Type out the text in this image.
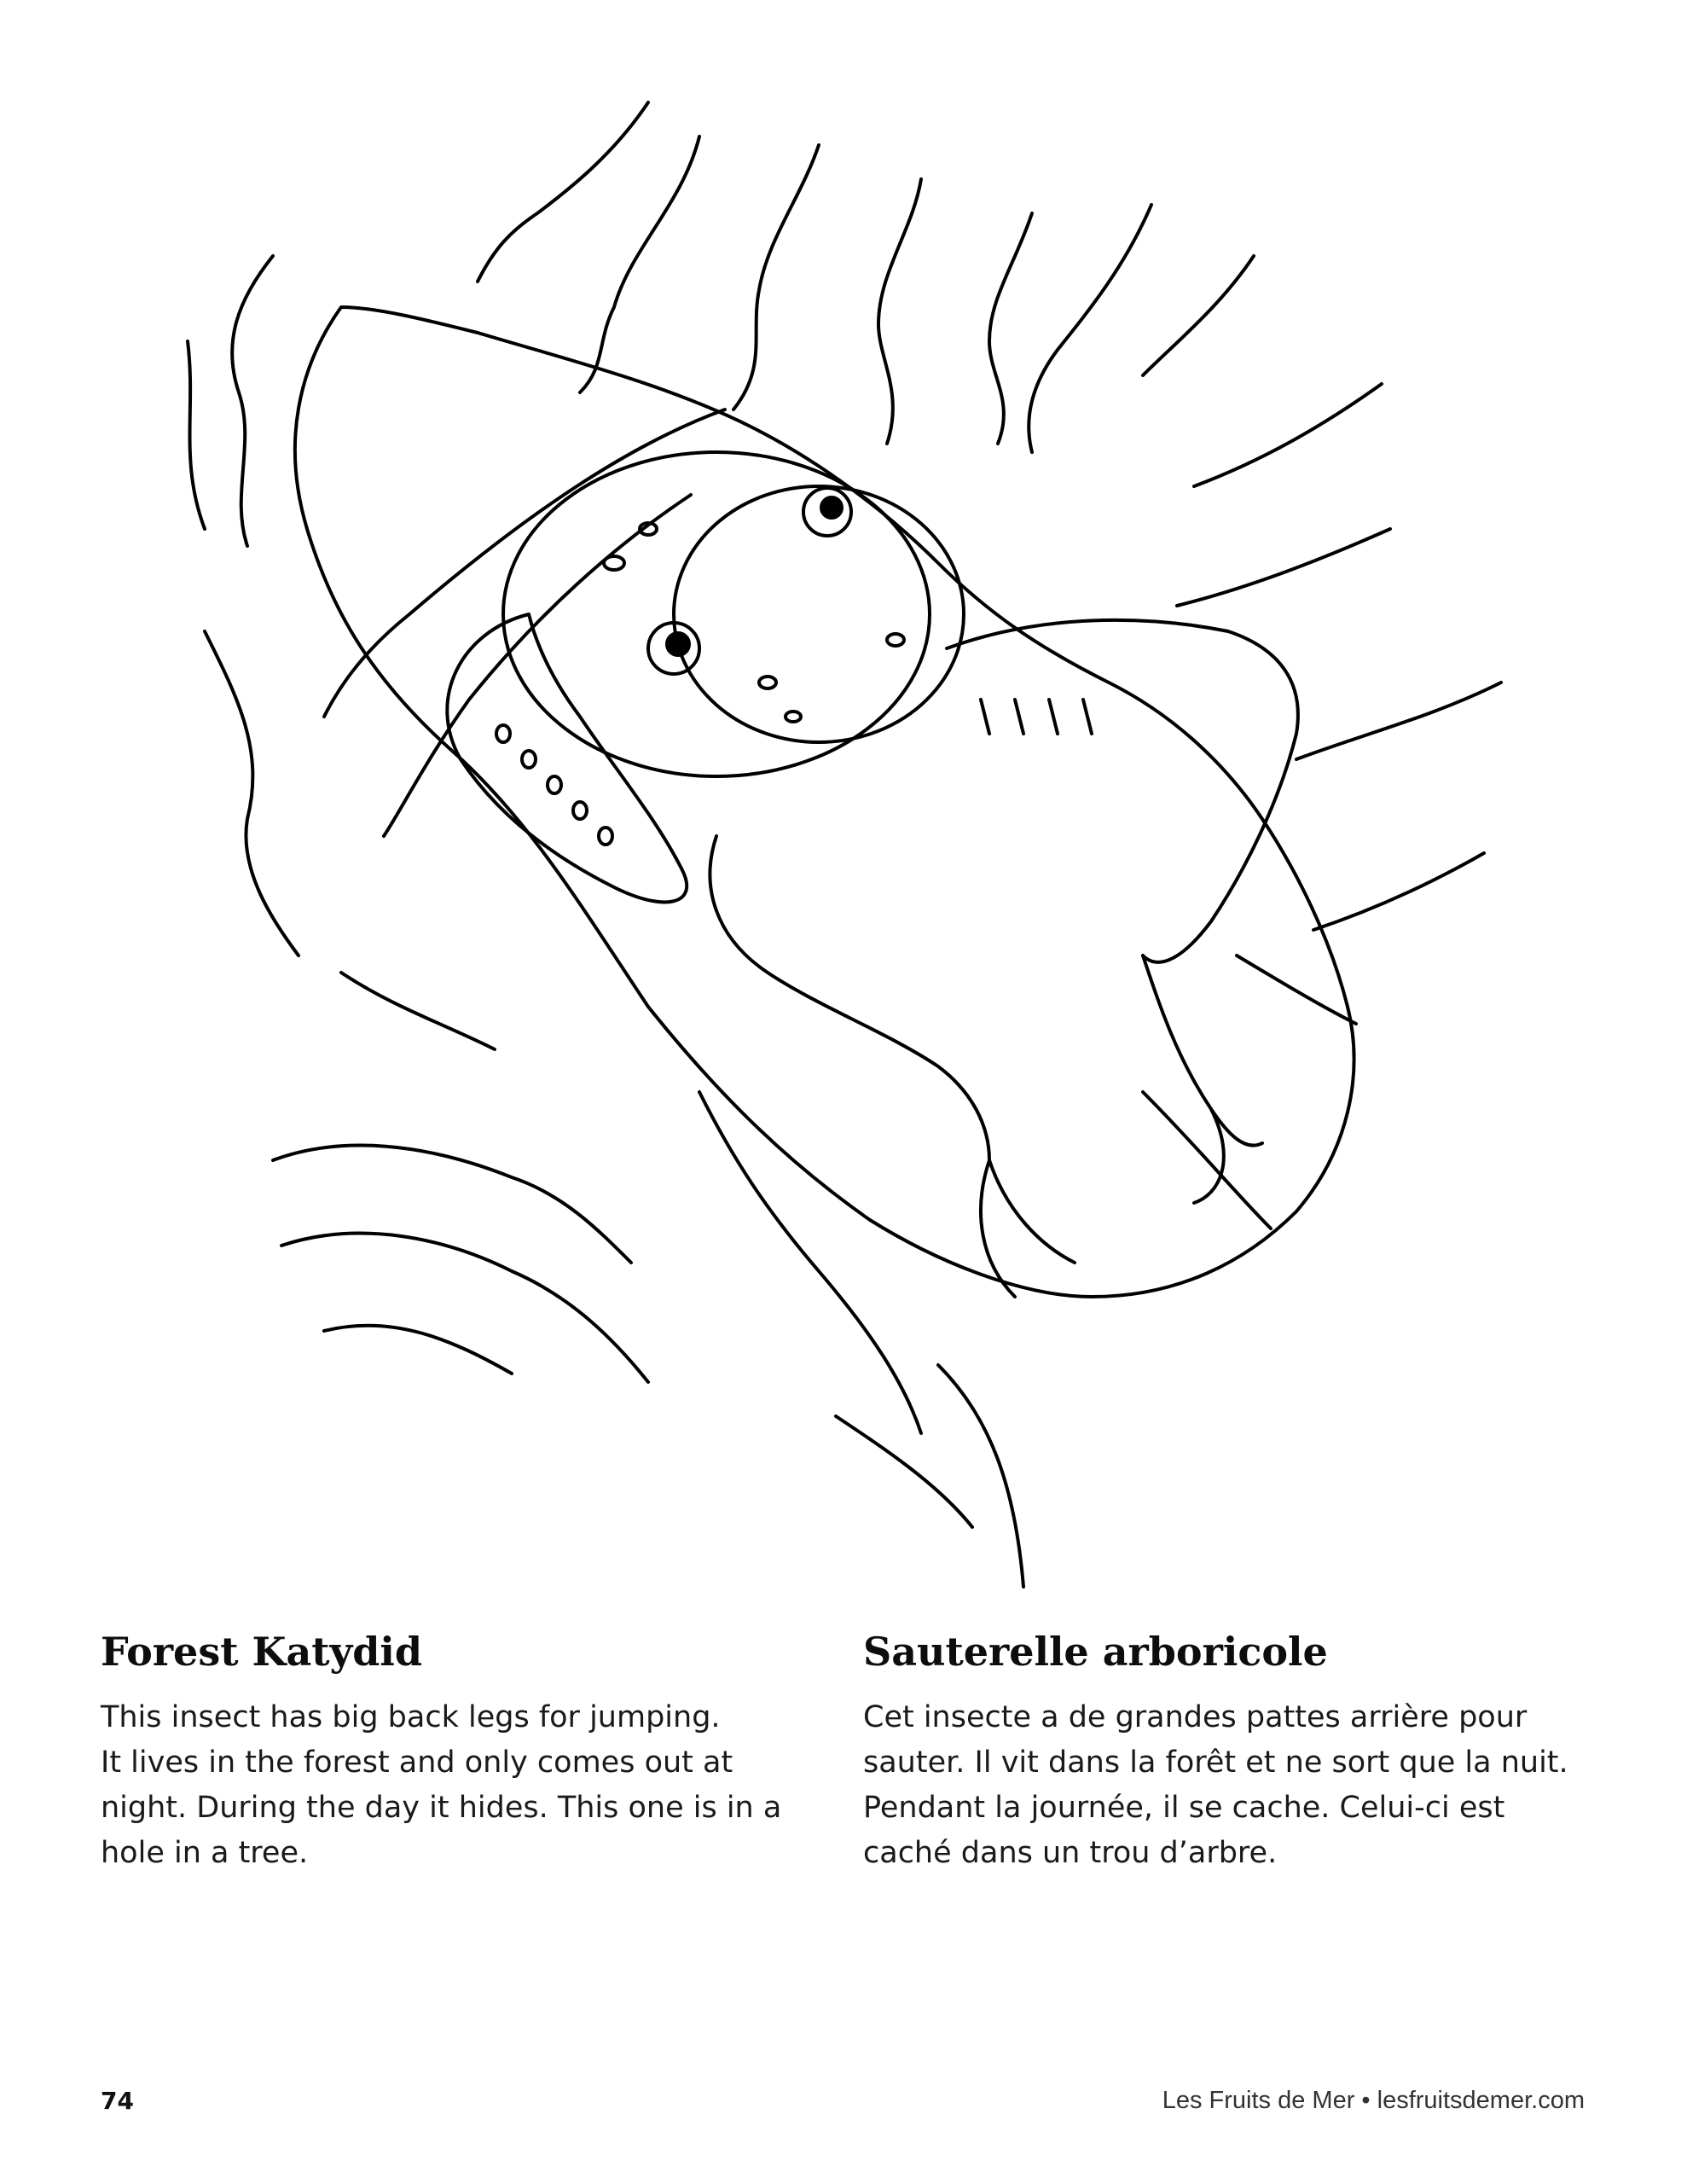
Forest Katydid

This insect has big back legs for jumping.
It lives in the forest and only comes out at
night. During the day it hides. This one is in a
hole in a tree.

Sauterelle arboricole

Cet insecte a de grandes pattes arrière pour
sauter. Il vit dans la forêt et ne sort que la nuit.
Pendant la journée, il se cache. Celui-ci est
caché dans un trou d’arbre.

74	Les Fruits de Mer • lesfruitsdemer.com
